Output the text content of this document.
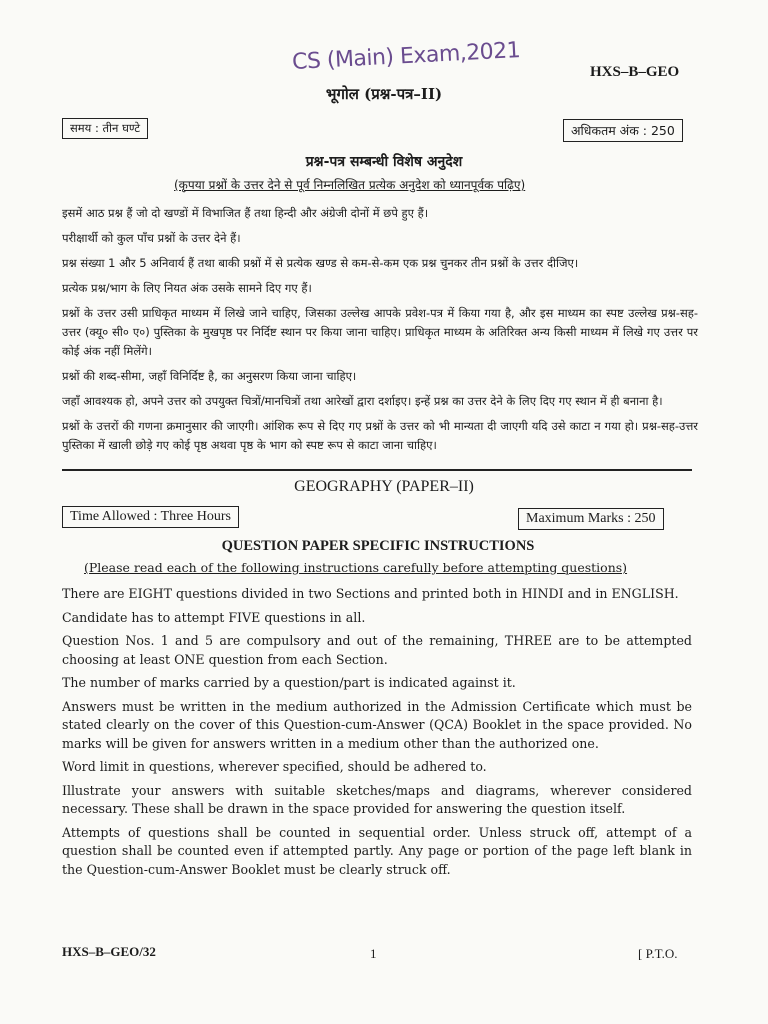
CS (Main) Exam,2021	HXS–B–GEO
भूगोल (प्रश्न-पत्र–II)
समय : तीन घण्टे	अधिकतम अंक : 250
प्रश्न-पत्र सम्बन्धी विशेष अनुदेश
(कृपया प्रश्नों के उत्तर देने से पूर्व निम्नलिखित प्रत्येक अनुदेश को ध्यानपूर्वक पढ़िए)

इसमें आठ प्रश्न हैं जो दो खण्डों में विभाजित हैं तथा हिन्दी और अंग्रेजी दोनों में छपे हुए हैं।

परीक्षार्थी को कुल पाँच प्रश्नों के उत्तर देने हैं।

प्रश्न संख्या 1 और 5 अनिवार्य हैं तथा बाकी प्रश्नों में से प्रत्येक खण्ड से कम-से-कम एक प्रश्न चुनकर तीन प्रश्नों के उत्तर दीजिए।

प्रत्येक प्रश्न/भाग के लिए नियत अंक उसके सामने दिए गए हैं।

प्रश्नों के उत्तर उसी प्राधिकृत माध्यम में लिखे जाने चाहिए, जिसका उल्लेख आपके प्रवेश-पत्र में किया गया है, और इस माध्यम का स्पष्ट उल्लेख प्रश्न-सह-उत्तर (क्यू० सी० ए०) पुस्तिका के मुखपृष्ठ पर निर्दिष्ट स्थान पर किया जाना चाहिए। प्राधिकृत माध्यम के अतिरिक्त अन्य किसी माध्यम में लिखे गए उत्तर पर कोई अंक नहीं मिलेंगे।

प्रश्नों की शब्द-सीमा, जहाँ विनिर्दिष्ट है, का अनुसरण किया जाना चाहिए।

जहाँ आवश्यक हो, अपने उत्तर को उपयुक्त चित्रों/मानचित्रों तथा आरेखों द्वारा दर्शाइए। इन्हें प्रश्न का उत्तर देने के लिए दिए गए स्थान में ही बनाना है।

प्रश्नों के उत्तरों की गणना क्रमानुसार की जाएगी। आंशिक रूप से दिए गए प्रश्नों के उत्तर को भी मान्यता दी जाएगी यदि उसे काटा न गया हो। प्रश्न-सह-उत्तर पुस्तिका में खाली छोड़े गए कोई पृष्ठ अथवा पृष्ठ के भाग को स्पष्ट रूप से काटा जाना चाहिए।

GEOGRAPHY (PAPER–II)
Time Allowed : Three Hours	Maximum Marks : 250
QUESTION PAPER SPECIFIC INSTRUCTIONS
(Please read each of the following instructions carefully before attempting questions)

There are EIGHT questions divided in two Sections and printed both in HINDI and in ENGLISH.

Candidate has to attempt FIVE questions in all.

Question Nos. 1 and 5 are compulsory and out of the remaining, THREE are to be attempted choosing at least ONE question from each Section.

The number of marks carried by a question/part is indicated against it.

Answers must be written in the medium authorized in the Admission Certificate which must be stated clearly on the cover of this Question-cum-Answer (QCA) Booklet in the space provided. No marks will be given for answers written in a medium other than the authorized one.

Word limit in questions, wherever specified, should be adhered to.

Illustrate your answers with suitable sketches/maps and diagrams, wherever considered necessary. These shall be drawn in the space provided for answering the question itself.

Attempts of questions shall be counted in sequential order. Unless struck off, attempt of a question shall be counted even if attempted partly. Any page or portion of the page left blank in the Question-cum-Answer Booklet must be clearly struck off.

HXS–B–GEO/32	1	[ P.T.O.
